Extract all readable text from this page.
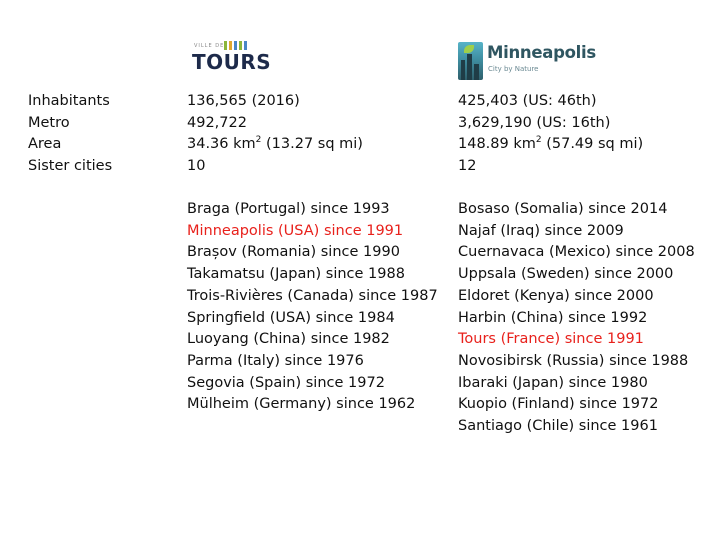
VILLE DE
TOURS	Minneapolis
City by Nature
Inhabitants
Metro
Area
Sister cities
136,565 (2016)
492,722
34.36 $km^2$ (13.27 sq mi)
10
425,403 (US: 46th)
3,629,190 (US: 16th)
148.89 $km^2$ (57.49 sq mi)
12
Braga (Portugal) since 1993
Minneapolis (USA) since 1991
Brașov (Romania) since 1990
Takamatsu (Japan) since 1988
Trois-Rivières (Canada) since 1987
Springfield (USA) since 1984
Luoyang (China) since 1982
Parma (Italy) since 1976
Segovia (Spain) since 1972
Mülheim (Germany) since 1962
Bosaso (Somalia) since 2014
Najaf (Iraq) since 2009
Cuernavaca (Mexico) since 2008
Uppsala (Sweden) since 2000
Eldoret (Kenya) since 2000
Harbin (China) since 1992
Tours (France) since 1991
Novosibirsk (Russia) since 1988
Ibaraki (Japan) since 1980
Kuopio (Finland) since 1972
Santiago (Chile) since 1961
